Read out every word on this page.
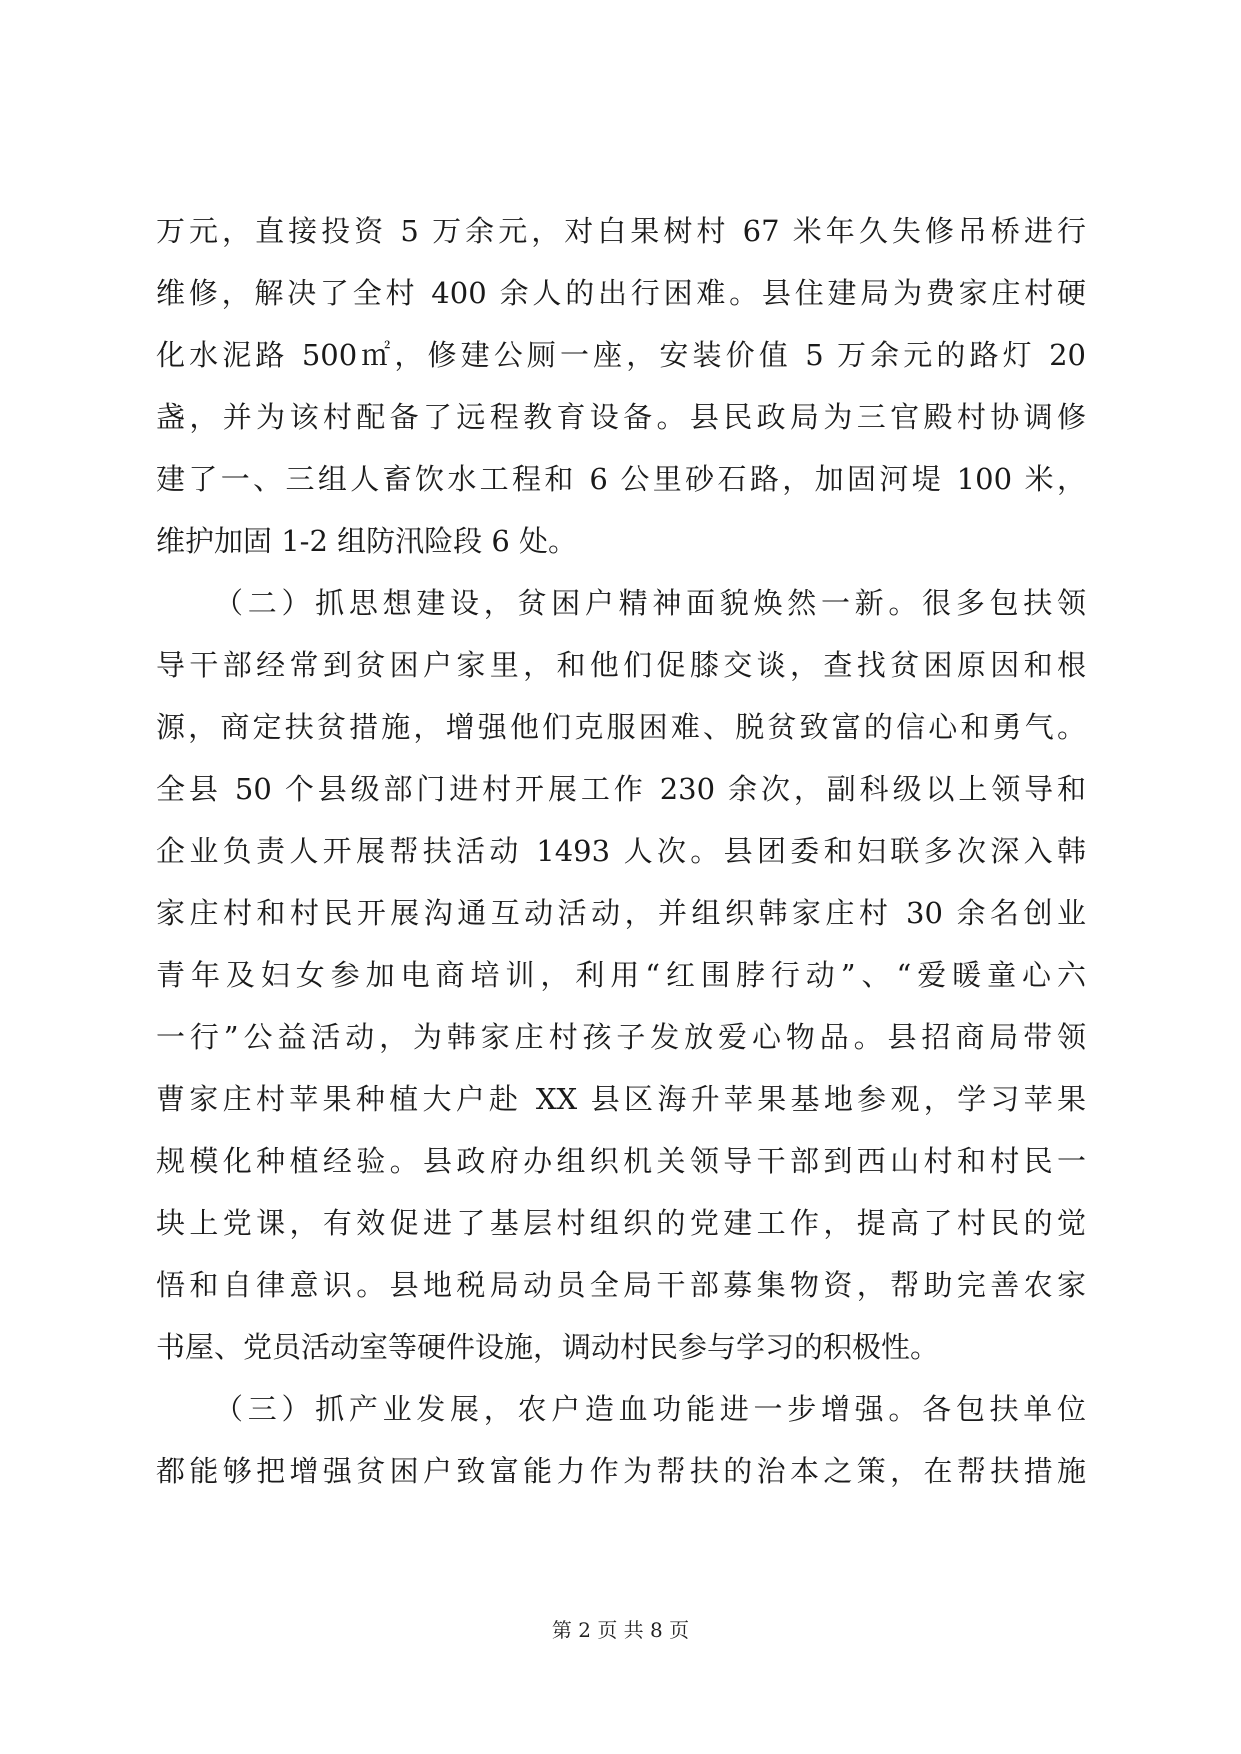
万元，直接投资 5 万余元，对白果树村 67 米年久失修吊桥进行
维修，解决了全村 400 余人的出行困难。县住建局为费家庄村硬
化水泥路 500㎡，修建公厕一座，安装价值 5 万余元的路灯 20
盏，并为该村配备了远程教育设备。县民政局为三官殿村协调修
建了一、三组人畜饮水工程和 6 公里砂石路，加固河堤 100 米，
维护加固 1-2 组防汛险段 6 处。
（二）抓思想建设，贫困户精神面貌焕然一新。很多包扶领
导干部经常到贫困户家里，和他们促膝交谈，查找贫困原因和根
源，商定扶贫措施，增强他们克服困难、脱贫致富的信心和勇气。
全县 50 个县级部门进村开展工作 230 余次，副科级以上领导和
企业负责人开展帮扶活动 1493 人次。县团委和妇联多次深入韩
家庄村和村民开展沟通互动活动，并组织韩家庄村 30 余名创业
青年及妇女参加电商培训，利用“红围脖行动”、“爱暖童心六
一行”公益活动，为韩家庄村孩子发放爱心物品。县招商局带领
曹家庄村苹果种植大户赴 XX 县区海升苹果基地参观，学习苹果
规模化种植经验。县政府办组织机关领导干部到西山村和村民一
块上党课，有效促进了基层村组织的党建工作，提高了村民的觉
悟和自律意识。县地税局动员全局干部募集物资，帮助完善农家
书屋、党员活动室等硬件设施，调动村民参与学习的积极性。
（三）抓产业发展，农户造血功能进一步增强。各包扶单位
都能够把增强贫困户致富能力作为帮扶的治本之策，在帮扶措施
第 2 页 共 8 页
